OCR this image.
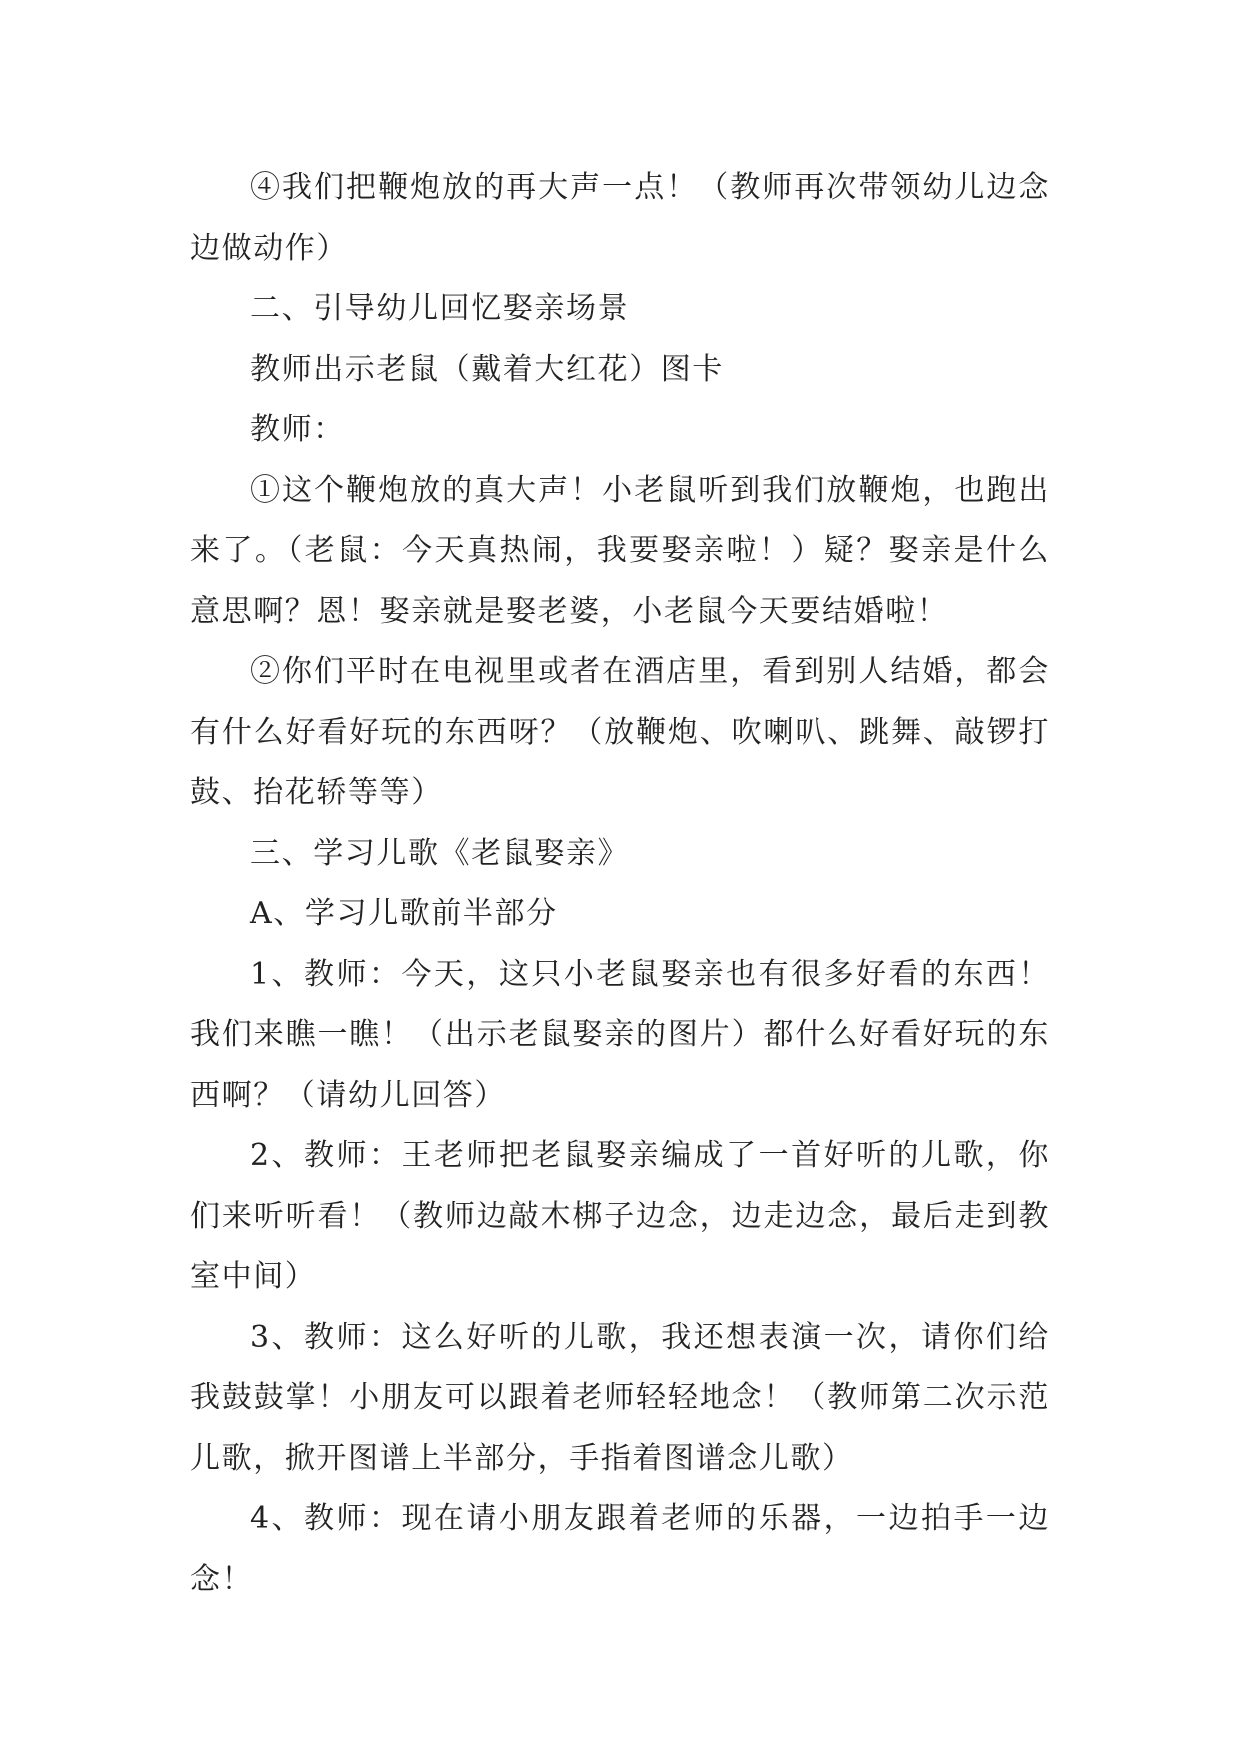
④我们把鞭炮放的再大声一点！（教师再次带领幼儿边念边做动作）

二、引导幼儿回忆娶亲场景

教师出示老鼠（戴着大红花）图卡

教师：

①这个鞭炮放的真大声！小老鼠听到我们放鞭炮，也跑出来了。（老鼠：今天真热闹，我要娶亲啦！）疑？娶亲是什么意思啊？恩！娶亲就是娶老婆，小老鼠今天要结婚啦！

②你们平时在电视里或者在酒店里，看到别人结婚，都会有什么好看好玩的东西呀？（放鞭炮、吹喇叭、跳舞、敲锣打鼓、抬花轿等等）

三、学习儿歌《老鼠娶亲》

A、学习儿歌前半部分

1、教师：今天，这只小老鼠娶亲也有很多好看的东西！我们来瞧一瞧！（出示老鼠娶亲的图片）都什么好看好玩的东西啊？（请幼儿回答）

2、教师：王老师把老鼠娶亲编成了一首好听的儿歌，你们来听听看！（教师边敲木梆子边念，边走边念，最后走到教室中间）

3、教师：这么好听的儿歌，我还想表演一次，请你们给我鼓鼓掌！小朋友可以跟着老师轻轻地念！（教师第二次示范儿歌，掀开图谱上半部分，手指着图谱念儿歌）

4、教师：现在请小朋友跟着老师的乐器，一边拍手一边念！
